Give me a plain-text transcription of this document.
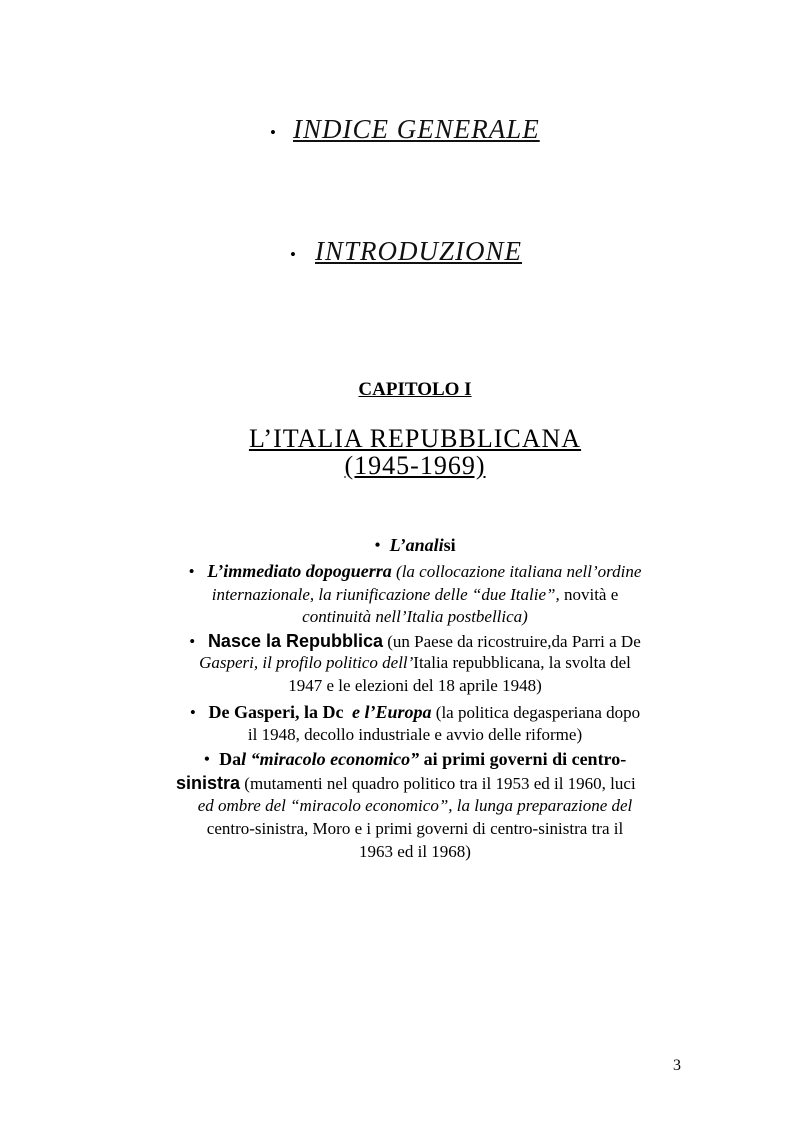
• INDICE GENERALE
• INTRODUZIONE
CAPITOLO I
L’ITALIA REPUBBLICANA
(1945-1969)
•  L’analisi
•   L’immediato dopoguerra (la collocazione italiana nell’ordine
internazionale, la riunificazione delle “due Italie”, novità e
continuità nell’Italia postbellica)
•   Nasce la Repubblica (un Paese da ricostruire,da Parri a De
Gasperi, il profilo politico dell’Italia repubblicana, la svolta del
1947 e le elezioni del 18 aprile 1948)
•   De Gasperi, la Dc e l’Europa (la politica degasperiana dopo
il 1948, decollo industriale e avvio delle riforme)
•  Dal “miracolo economico” ai primi governi di centro-
sinistra (mutamenti nel quadro politico tra il 1953 ed il 1960, luci
ed ombre del “miracolo economico”, la lunga preparazione del
centro-sinistra, Moro e i primi governi di centro-sinistra tra il
1963 ed il 1968)
3
